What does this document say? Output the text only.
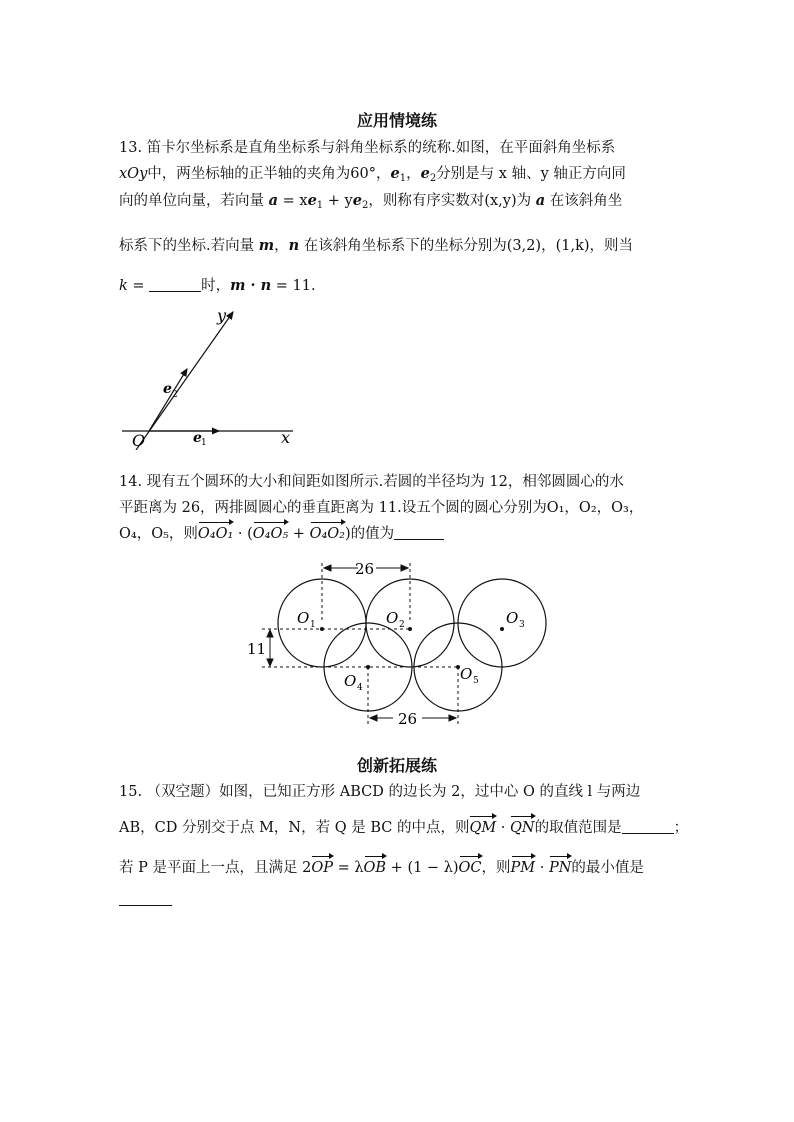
应用情境练
13. 笛卡尔坐标系是直角坐标系与斜角坐标系的统称.如图，在平面斜角坐标系
xOy中，两坐标轴的正半轴的夹角为60°，$e_1$，$e_2$分别是与 x 轴、y 轴正方向同
向的单位向量，若向量 $a = xe_1 + ye_2$，则称有序实数对(x,y)为 a 在该斜角坐
标系下的坐标.若向量 m，n 在该斜角坐标系下的坐标分别为(3,2)，(1,k)，则当
k =	时，m · n = 11.
y
x
O	e 1
e 2
14. 现有五个圆环的大小和间距如图所示.若圆的半径均为 12，相邻圆圆心的水
平距离为 26，两排圆圆心的垂直距离为 11.设五个圆的圆心分别为O₁，O₂，O₃，
O₄，O₅，则O₄O₁ · (O₄O₅ + O₄O₂)的值为
26
26
11
O 1	O 2	O 3
O 4
O 5
创新拓展练
15. （双空题）如图，已知正方形 ABCD 的边长为 2，过中心 O 的直线 l 与两边
AB，CD 分别交于点 M，N，若 Q 是 BC 的中点，则QM · QN的取值范围是	；
若 P 是平面上一点，且满足 2OP = λOB + (1 − λ)OC，则PM · PN的最小值是
